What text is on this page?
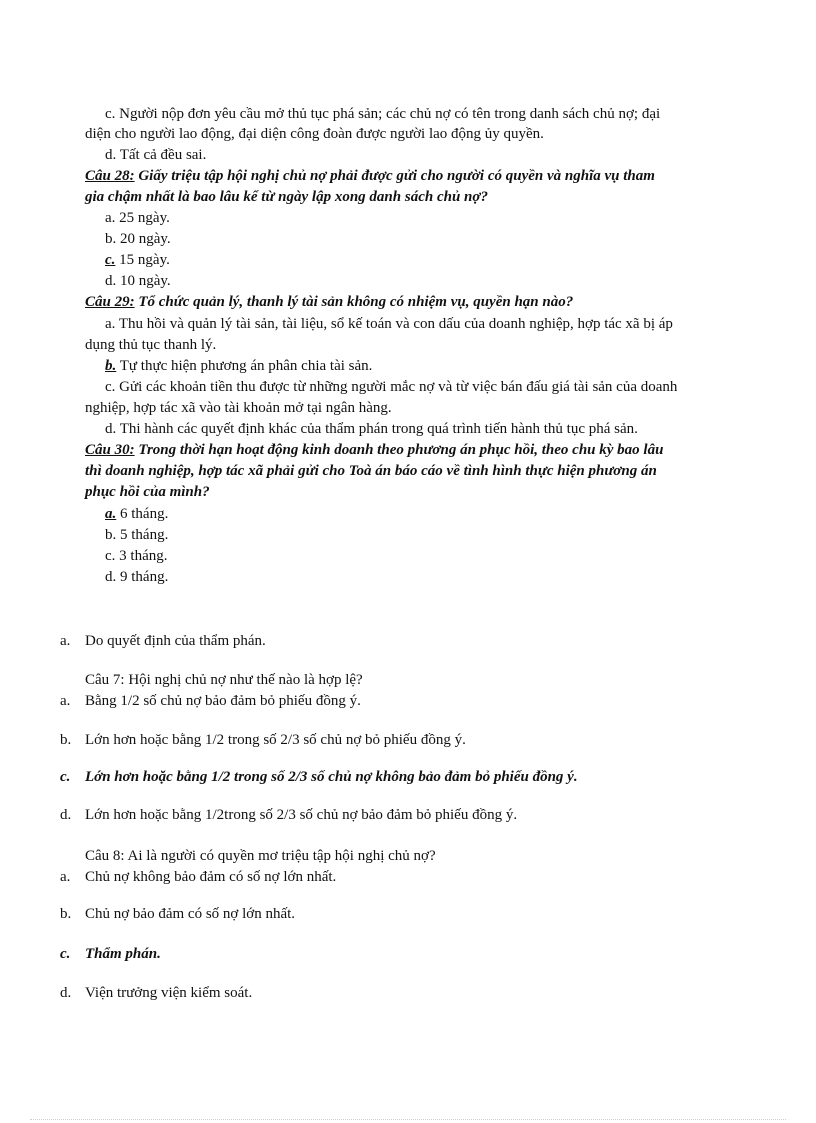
c. Người nộp đơn yêu cầu mở thủ tục phá sản; các chủ nợ có tên trong danh sách chủ nợ; đại
diện cho người lao động, đại diện công đoàn được người lao động ủy quyền.
d. Tất cả đều sai.
Câu 28: Giấy triệu tập hội nghị chủ nợ phải được gửi cho người có quyền và nghĩa vụ tham
gia chậm nhất là bao lâu kể từ ngày lập xong danh sách chủ nợ?
a. 25 ngày.
b. 20 ngày.
c. 15 ngày.
d. 10 ngày.
Câu 29: Tổ chức quản lý, thanh lý tài sản không có nhiệm vụ, quyền hạn nào?
a. Thu hồi và quản lý tài sản, tài liệu, sổ kế toán và con dấu của doanh nghiệp, hợp tác xã bị áp
dụng thủ tục thanh lý.
b. Tự thực hiện phương án phân chia tài sản.
c. Gửi các khoản tiền thu được từ những người mắc nợ và từ việc bán đấu giá tài sản của doanh
nghiệp, hợp tác xã vào tài khoản mở tại ngân hàng.
d. Thi hành các quyết định khác của thẩm phán trong quá trình tiến hành thủ tục phá sản.
Câu 30: Trong thời hạn hoạt động kinh doanh theo phương án phục hồi, theo chu kỳ bao lâu
thì doanh nghiệp, hợp tác xã phải gửi cho Toà án báo cáo về tình hình thực hiện phương án
phục hồi của mình?
a. 6 tháng.
b. 5 tháng.
c. 3 tháng.
d. 9 tháng.
a. Do quyết định của thẩm phán.
Câu 7: Hội nghị chủ nợ như thế nào là hợp lệ?
a. Bằng 1/2 số chủ nợ bảo đảm bỏ phiếu đồng ý.
b. Lớn hơn hoặc bằng 1/2 trong số 2/3 số chủ nợ bỏ phiếu đồng ý.
c. Lớn hơn hoặc bằng 1/2 trong số 2/3 số chủ nợ không bảo đảm bỏ phiếu đồng ý.
d. Lớn hơn hoặc bằng 1/2trong số 2/3 số chủ nợ bảo đảm bỏ phiếu đồng ý.
Câu 8: Ai là người có quyền mơ triệu tập hội nghị chủ nợ?
a. Chủ nợ không bảo đảm có số nợ lớn nhất.
b. Chủ nợ bảo đảm có số nợ lớn nhất.
c. Thẩm phán.
d. Viện trưởng viện kiểm soát.
